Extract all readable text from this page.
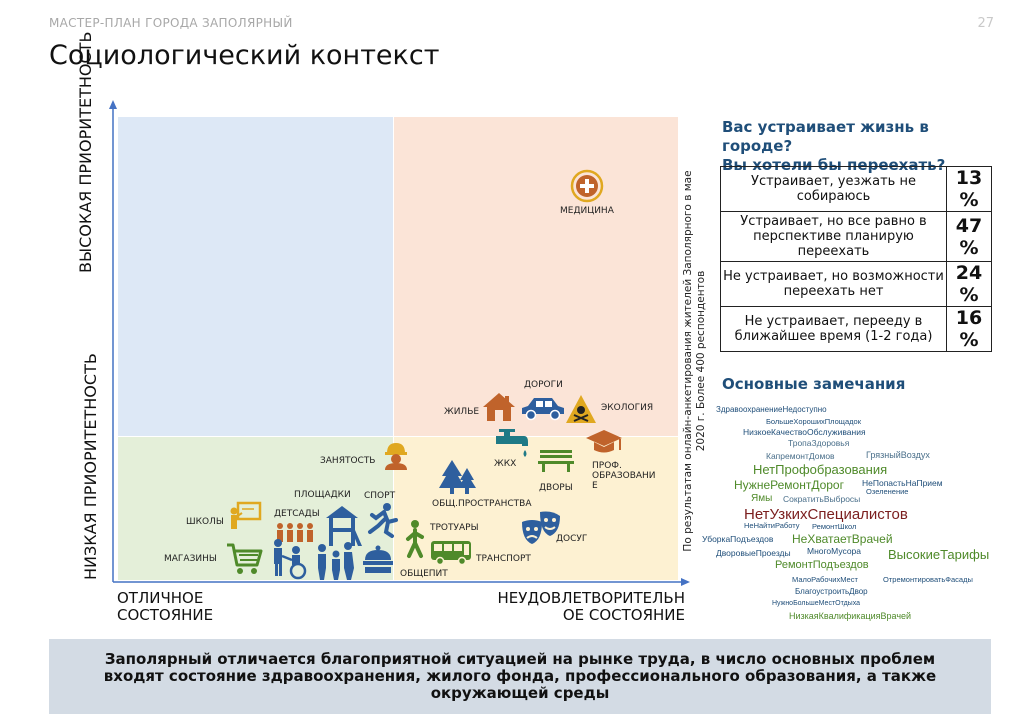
МАСТЕР-ПЛАН ГОРОДА ЗАПОЛЯРНЫЙ	27
Социологический контекст
ВЫСОКАЯ ПРИОРИТЕТНОСТЬ
НИЗКАЯ ПРИОРИТЕТНОСТЬ
ОТЛИЧНОЕ
СОСТОЯНИЕ
НЕУДОВЛЕТВОРИТЕЛЬН
ОЕ СОСТОЯНИЕ
По результатам онлайн-анкетирования жителей Заполярного в мае
2020 г. Более 400 респондентов
МЕДИЦИНА
ДОРОГИ
ЖИЛЬЕ	ЭКОЛОГИЯ
ЗАНЯТОСТЬ	ЖКХ
ДВОРЫ
ПРОФ.
ОБРАЗОВАНИ
Е
ОБЩ.ПРОСТРАНСТВА
ПЛОЩАДКИ СПОРТ
ШКОЛЫ
ДЕТСАДЫ
ТРОТУАРЫ
ДОСУГ
ТРАНСПОРТ
МАГАЗИНЫ
ОБЩЕПИТ
Вас устраивает жизнь в городе?
Вы хотели бы переехать?
Устраивает, уезжать не собираюсь	13
%
Устраивает, но все равно в перспективе планирую переехать	47
%
Не устраивает, но возможности переехать нет	24
%
Не устраивает, перееду в ближайшее время (1-2 года)	16
%
Основные замечания
ЗдравоохранениеНедоступно
БольшеХорошихПлощадок
НизкоеКачествоОбслуживания
ТропаЗдоровья
КапремонтДомов	ГрязныйВоздух
НетПрофобразования
НужнеРемонтДорог НеПопастьНаПрием
Озеленение
Ямы СократитьВыбросы
НетУзкихСпециалистов
НеНайтиРаботу РемонтШкол
УборкаПодъездов НеХватаетВрачей
ДворовыеПроезды МногоМусора ВысокиеТарифы
РемонтПодъездов
МалоРабочихМест	ОтремонтироватьФасады
БлагоустроитьДвор
НужноБольшеМестОтдыха
НизкаяКвалификацияВрачей
Заполярный отличается благоприятной ситуацией на рынке труда, в число основных проблем входят состояние здравоохранения, жилого фонда, профессионального образования, а также окружающей среды
